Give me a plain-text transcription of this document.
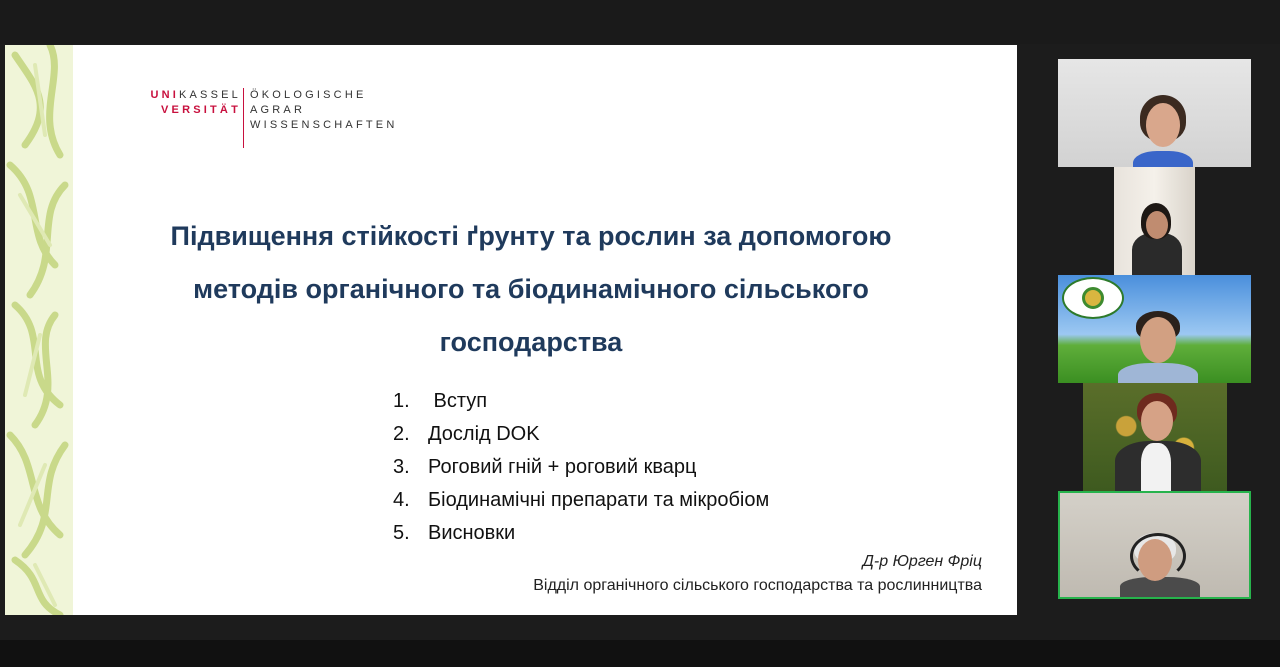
UNIKASSEL
VERSITÄT
ÖKOLOGISCHE
AGRAR
WISSENSCHAFTEN
Підвищення стійкості ґрунту та рослин за допомогою
методів органічного та біодинамічного сільського
господарства
1. Вступ
2. Дослід DOK
3. Роговий гній + роговий кварц
4. Біодинамічні препарати та мікробіом
5. Висновки
Д-р Юрген Фріц
Відділ органічного сільського господарства та рослинництва
